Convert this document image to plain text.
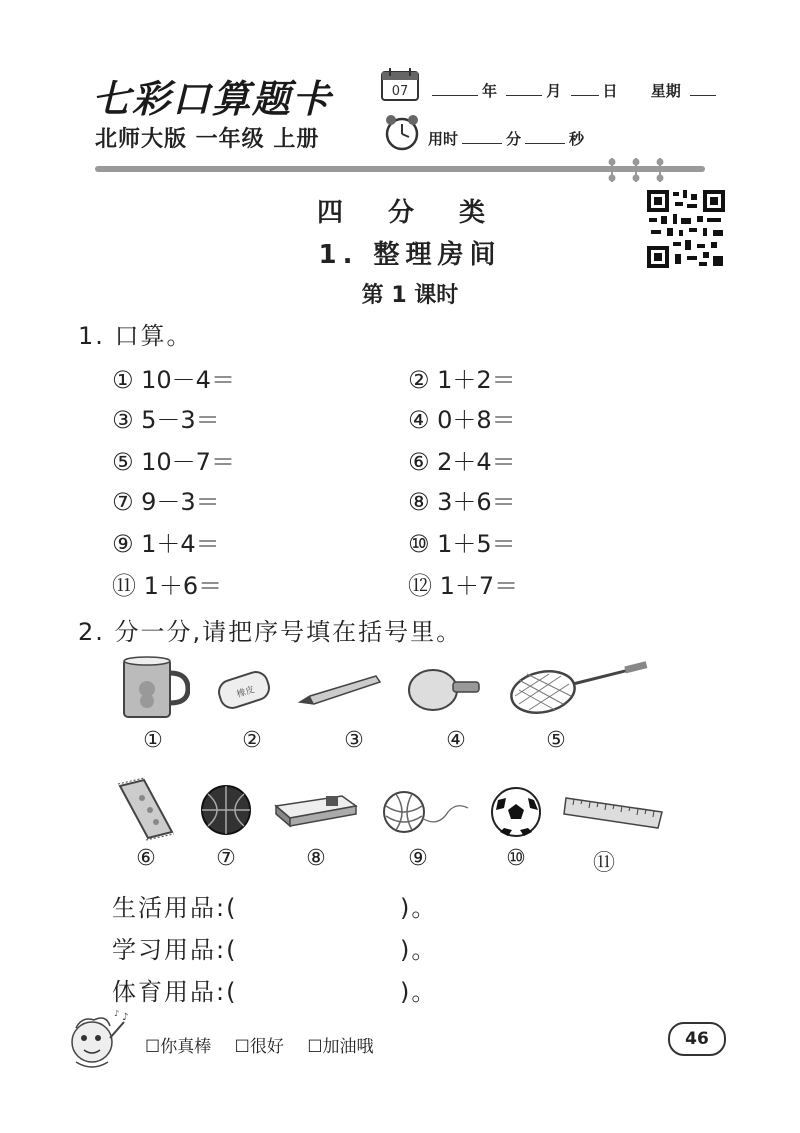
七彩口算题卡	07	年	月	日 星期
北师大版 一年级 上册	用时	分	秒
四 分 类
1. 整理房间
第 1 课时
1. 口算。
① 10－4＝	② 1＋2＝
③ 5－3＝	④ 0＋8＝
⑤ 10－7＝	⑥ 2＋4＝
⑦ 9－3＝	⑧ 3＋6＝
⑨ 1＋4＝	⑩ 1＋5＝
⑪ 1＋6＝	⑫ 1＋7＝
2. 分一分,请把序号填在括号里。
橡皮
①	②	③	④	⑤
⑥	⑦	⑧	⑨	⑩	⑪
生活用品:(	)。
学习用品:(	)。
体育用品:(	)。
♪
♪
☐你真棒 ☐很好 ☐加油哦	46
